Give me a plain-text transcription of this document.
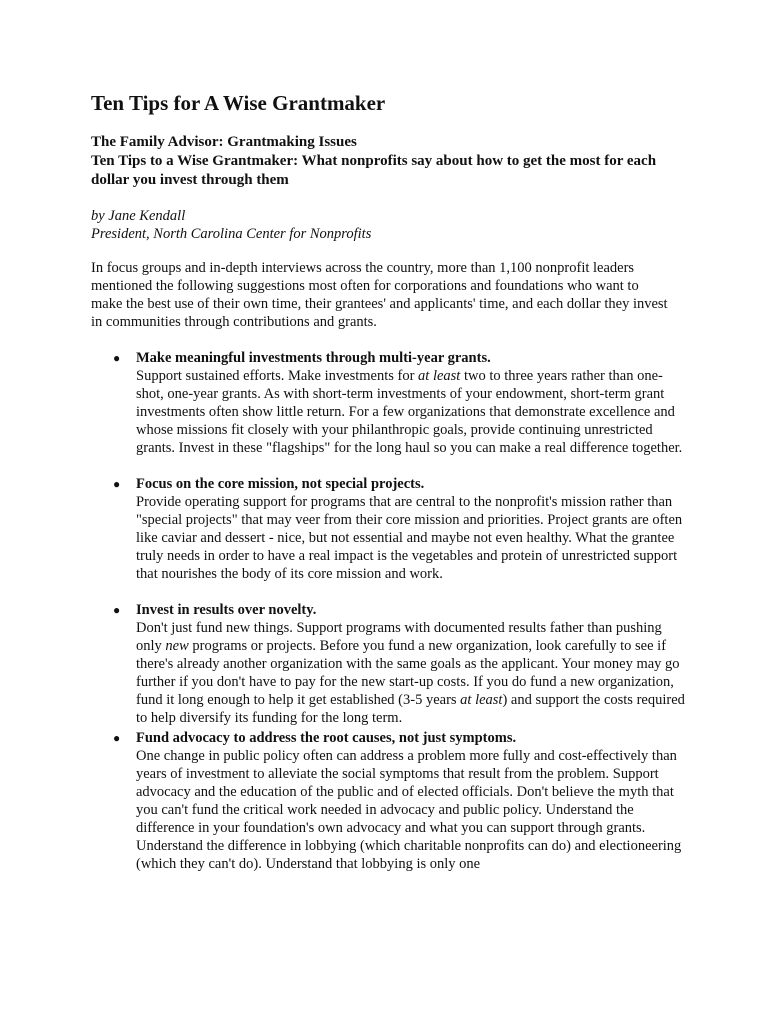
Ten Tips for A Wise Grantmaker
The Family Advisor: Grantmaking Issues
Ten Tips to a Wise Grantmaker: What nonprofits say about how to get the most for each dollar you invest through them
by Jane Kendall
President, North Carolina Center for Nonprofits

In focus groups and in-depth interviews across the country, more than 1,100 nonprofit leaders mentioned the following suggestions most often for corporations and foundations who want to make the best use of their own time, their grantees' and applicants' time, and each dollar they invest in communities through contributions and grants.

● Make meaningful investments through multi-year grants.
Support sustained efforts. Make investments for at least two to three years rather than one-shot, one-year grants. As with short-term investments of your endowment, short-term grant investments often show little return. For a few organizations that demonstrate excellence and whose missions fit closely with your philanthropic goals, provide continuing unrestricted grants. Invest in these "flagships" for the long haul so you can make a real difference together.
● Focus on the core mission, not special projects.
Provide operating support for programs that are central to the nonprofit's mission rather than "special projects" that may veer from their core mission and priorities. Project grants are often like caviar and dessert - nice, but not essential and maybe not even healthy. What the grantee truly needs in order to have a real impact is the vegetables and protein of unrestricted support that nourishes the body of its core mission and work.
● Invest in results over novelty.
Don't just fund new things. Support programs with documented results father than pushing only new programs or projects. Before you fund a new organization, look carefully to see if there's already another organization with the same goals as the applicant. Your money may go further if you don't have to pay for the new start-up costs. If you do fund a new organization, fund it long enough to help it get established (3-5 years at least) and support the costs required to help diversify its funding for the long term.
● Fund advocacy to address the root causes, not just symptoms.
One change in public policy often can address a problem more fully and cost-effectively than years of investment to alleviate the social symptoms that result from the problem. Support advocacy and the education of the public and of elected officials. Don't believe the myth that you can't fund the critical work needed in advocacy and public policy. Understand the difference in your foundation's own advocacy and what you can support through grants. Understand the difference in lobbying (which charitable nonprofits can do) and electioneering (which they can't do). Understand that lobbying is only one
